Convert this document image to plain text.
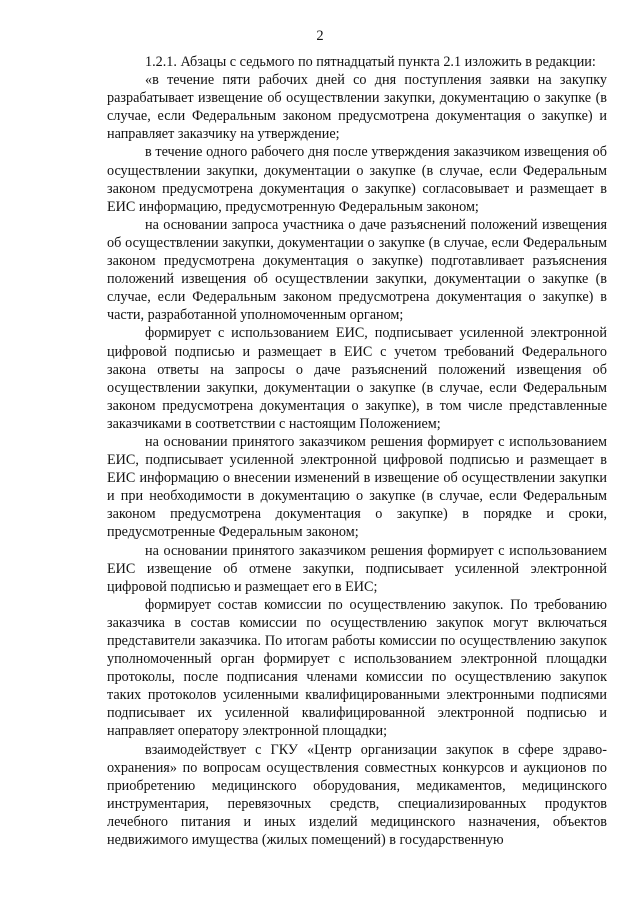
2

1.2.1. Абзацы с седьмого по пятнадцатый пункта 2.1 изложить в редакции:

«в течение пяти рабочих дней со дня поступления заявки на закупку разрабатывает извещение об осуществлении закупки, документацию о закупке (в случае, если Федеральным законом предусмотрена документация о закупке) и направляет заказчику на утверждение;

в течение одного рабочего дня после утверждения заказчиком извещения об осуществлении закупки, документации о закупке (в случае, если Федеральным законом предусмотрена документация о закупке) согласовывает и размещает в ЕИС информацию, предусмотренную Федеральным законом;

на основании запроса участника о даче разъяснений положений извещения об осуществлении закупки, документации о закупке (в случае, если Федеральным законом предусмотрена документация о закупке) подготавливает разъяснения положений извещения об осуществлении закупки, документации о закупке (в случае, если Федеральным законом предусмотрена документация о закупке) в части, разработанной уполномоченным органом;

формирует с использованием ЕИС, подписывает усиленной электронной цифровой подписью и размещает в ЕИС с учетом требований Федерального закона ответы на запросы о даче разъяснений положений извещения об осуществлении закупки, документации о закупке (в случае, если Федеральным законом предусмотрена документация о закупке), в том числе представленные заказчиками в соответствии с настоящим Положением;

на основании принятого заказчиком решения формирует с использованием ЕИС, подписывает усиленной электронной цифровой подписью и размещает в ЕИС информацию о внесении изменений в извещение об осуществлении закупки и при необходимости в документацию о закупке (в случае, если Федеральным законом предусмотрена документация о закупке) в порядке и сроки, предусмотренные Федеральным законом;

на основании принятого заказчиком решения формирует с использованием ЕИС извещение об отмене закупки, подписывает усиленной электронной цифровой подписью и размещает его в ЕИС;

формирует состав комиссии по осуществлению закупок. По требованию заказчика в состав комиссии по осуществлению закупок могут включаться представители заказчика. По итогам работы комиссии по осуществлению закупок уполномоченный орган формирует с использованием электронной площадки протоколы, после подписания членами комиссии по осуществлению закупок таких протоколов усиленными квалифицированными электронными подписями подписывает их усиленной квалифицированной электронной подписью и направляет оператору электронной площадки;

взаимодействует с ГКУ «Центр организации закупок в сфере здравоохранения» по вопросам осуществления совместных конкурсов и аукционов по приобретению медицинского оборудования, медикаментов, медицинского инструментария, перевязочных средств, специализированных продуктов лечебного питания и иных изделий медицинского назначения, объектов недвижимого имущества (жилых помещений) в государственную
